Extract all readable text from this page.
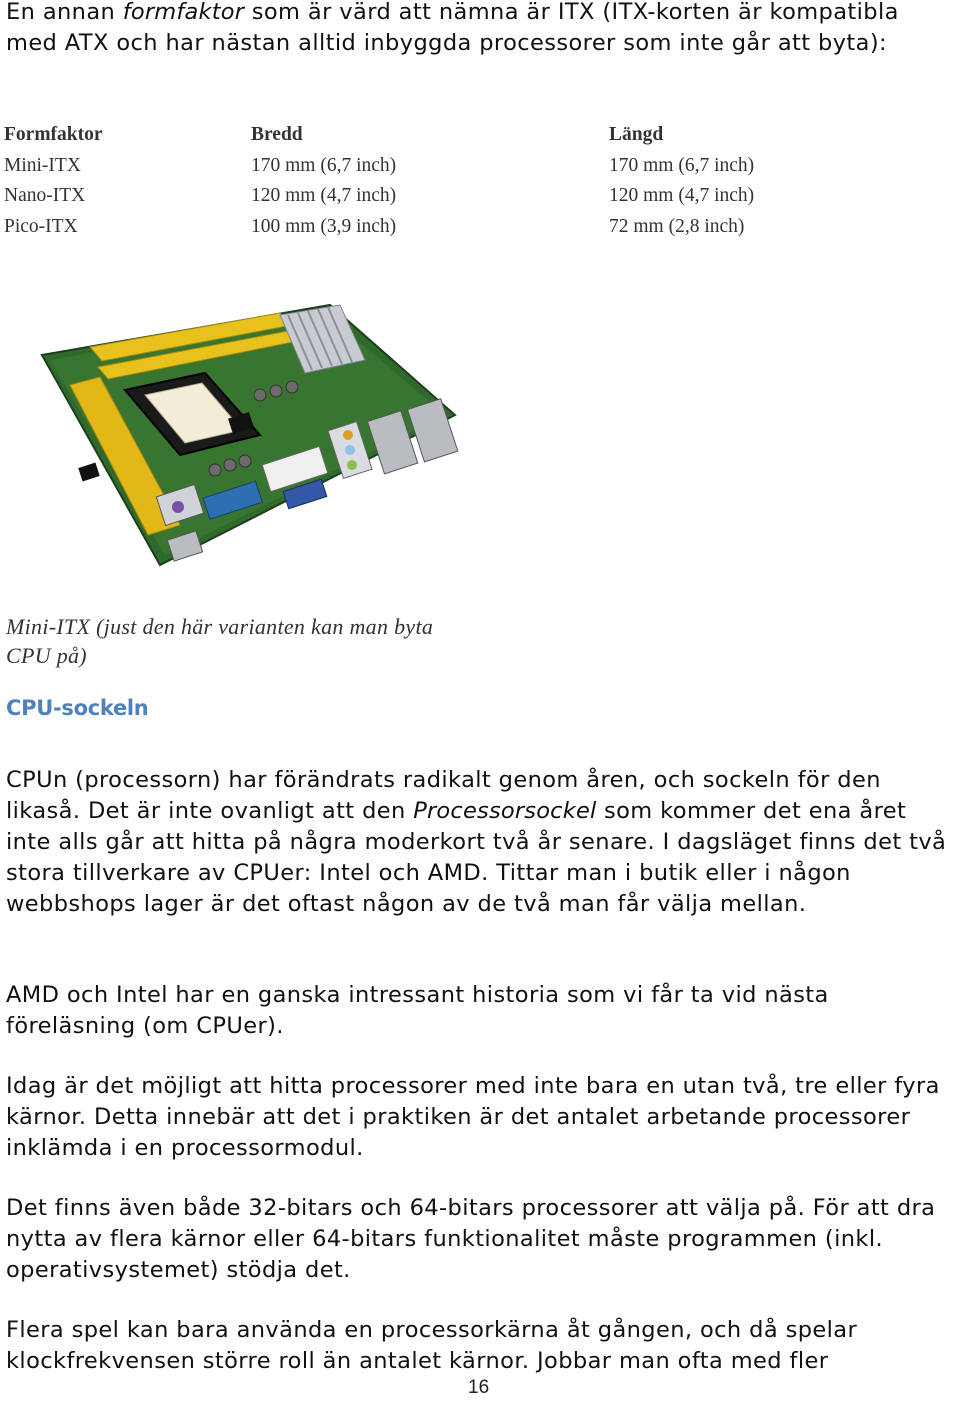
En annan formfaktor som är värd att nämna är ITX (ITX-korten är kompatibla med ATX och har nästan alltid inbyggda processorer som inte går att byta):

Formfaktor	Bredd	Längd
Mini-ITX	170 mm (6,7 inch)	170 mm (6,7 inch)
Nano-ITX	120 mm (4,7 inch)	120 mm (4,7 inch)
Pico-ITX	100 mm (3,9 inch)	72 mm (2,8 inch)
Mini-ITX (just den här varianten kan man byta
CPU på)
CPU-sockeln

CPUn (processorn) har förändrats radikalt genom åren, och sockeln för den likaså. Det är inte ovanligt att den Processorsockel som kommer det ena året inte alls går att hitta på några moderkort två år senare. I dagsläget finns det två stora tillverkare av CPUer: Intel och AMD. Tittar man i butik eller i någon webbshops lager är det oftast någon av de två man får välja mellan.

AMD och Intel har en ganska intressant historia som vi får ta vid nästa föreläsning (om CPUer).

Idag är det möjligt att hitta processorer med inte bara en utan två, tre eller fyra kärnor. Detta innebär att det i praktiken är det antalet arbetande processorer inklämda i en processormodul.

Det finns även både 32-bitars och 64-bitars processorer att välja på. För att dra nytta av flera kärnor eller 64-bitars funktionalitet måste programmen (inkl. operativsystemet) stödja det.

Flera spel kan bara använda en processorkärna åt gången, och då spelar klockfrekvensen större roll än antalet kärnor. Jobbar man ofta med fler

16
